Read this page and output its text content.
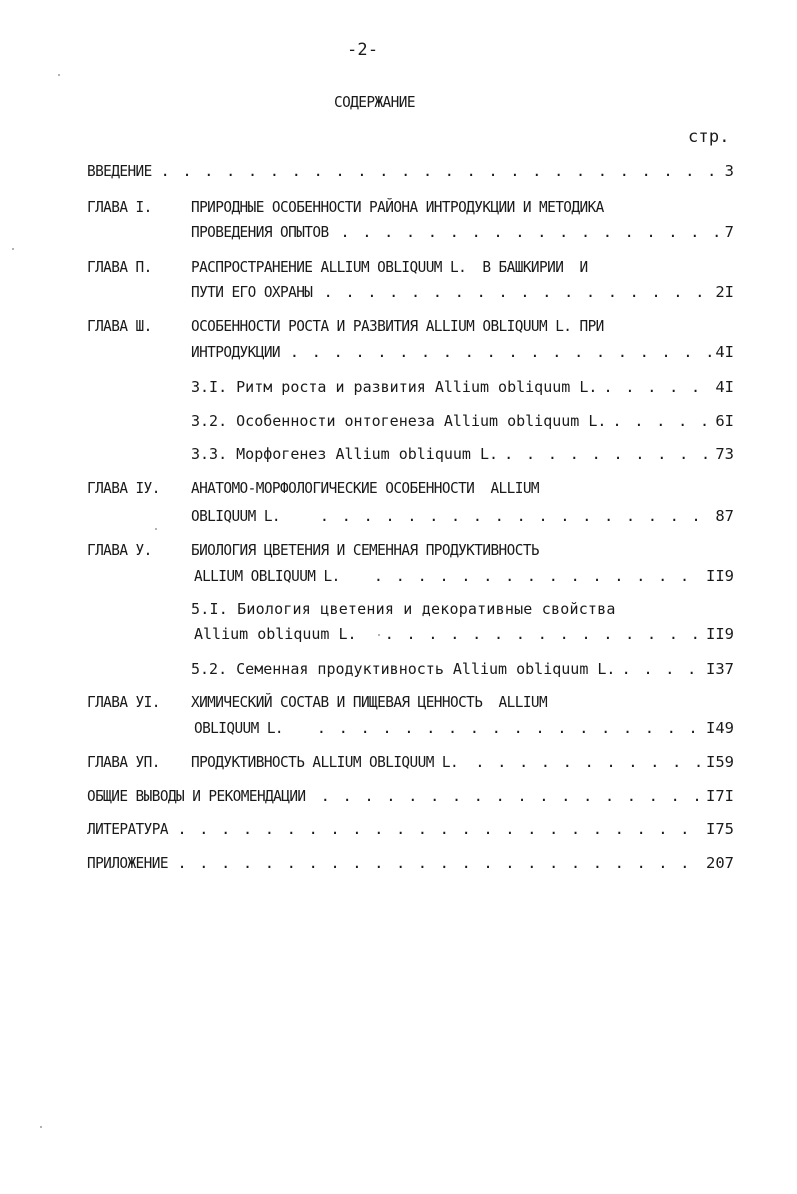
-2-
СОДЕРЖАНИЕ
стр.
ВВЕДЕНИЕ . . .	3
ГЛАВА I.	ПРИРОДНЫЕ ОСОБЕННОСТИ РАЙОНА ИНТРОДУКЦИИ И МЕТОДИКА
ПРОВЕДЕНИЯ ОПЫТОВ . . .	7
ГЛАВА П.	РАСПРОСТРАНЕНИЕ ALLIUM OBLIQUUM L.  В БАШКИРИИ  И
ПУТИ ЕГО ОХРАНЫ . . .	2I
ГЛАВА Ш.	ОСОБЕННОСТИ РОСТА И РАЗВИТИЯ ALLIUM OBLIQUUM L. ПРИ
ИНТРОДУКЦИИ . . .	4I
3.I. Ритм роста и развития Allium obliquum L. . . .	4I
3.2. Особенности онтогенеза Allium obliquum L. . . .	6I
3.3. Морфогенез Allium obliquum L. . . .	73
ГЛАВА IУ. АНАТОМО-МОРФОЛОГИЧЕСКИЕ ОСОБЕННОСТИ  ALLIUM
OBLIQUUM L. . . .	87
ГЛАВА У.	БИОЛОГИЯ ЦВЕТЕНИЯ И СЕМЕННАЯ ПРОДУКТИВНОСТЬ
ALLIUM OBLIQUUM L. . . .	II9
5.I. Биология цветения и декоративные свойства
Allium obliquum L. . . .	II9
5.2. Семенная продуктивность Allium obliquum L. . . .	I37
ГЛАВА УI. ХИМИЧЕСКИЙ СОСТАВ И ПИЩЕВАЯ ЦЕННОСТЬ  ALLIUM
OBLIQUUM L. . . .	I49
ГЛАВА УП. ПРОДУКТИВНОСТЬ ALLIUM OBLIQUUM L. . . .	I59
ОБЩИЕ ВЫВОДЫ И РЕКОМЕНДАЦИИ . . .	I7I
ЛИТЕРАТУРА . . .	I75
ПРИЛОЖЕНИЕ . . .	207
